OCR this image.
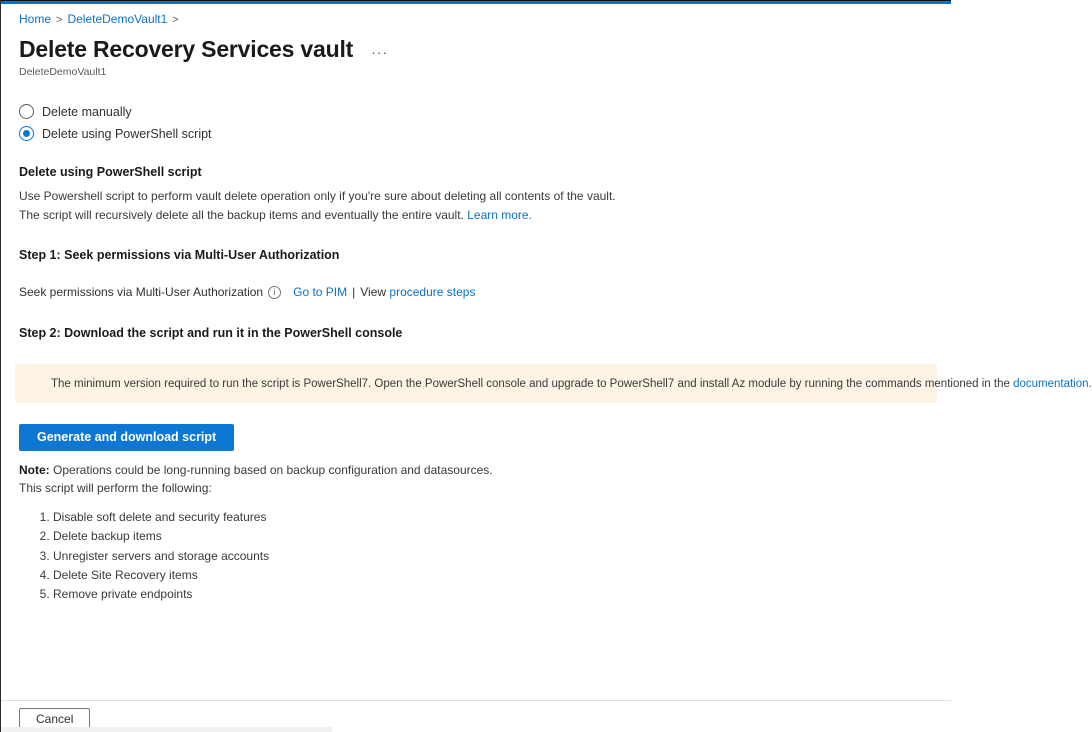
Home > DeleteDemoVault1 >
Delete Recovery Services vault ···
DeleteDemoVault1
Delete manually
Delete using PowerShell script
Delete using PowerShell script
Use Powershell script to perform vault delete operation only if you're sure about deleting all contents of the vault. The script will recursively delete all the backup items and eventually the entire vault. Learn more.
Step 1: Seek permissions via Multi-User Authorization
Seek permissions via Multi-User Authorization	i	Go to PIM | View
procedure steps
Step 2: Download the script and run it in the PowerShell console
!	The minimum version required to run the script is PowerShell7. Open the PowerShell console and upgrade to PowerShell7 and install Az module by running the commands mentioned in the documentation.
Generate and download script
Note: Operations could be long-running based on backup configuration and datasources.
This script will perform the following:
1. Disable soft delete and security features
2. Delete backup items
3. Unregister servers and storage accounts
4. Delete Site Recovery items
5. Remove private endpoints
Cancel
